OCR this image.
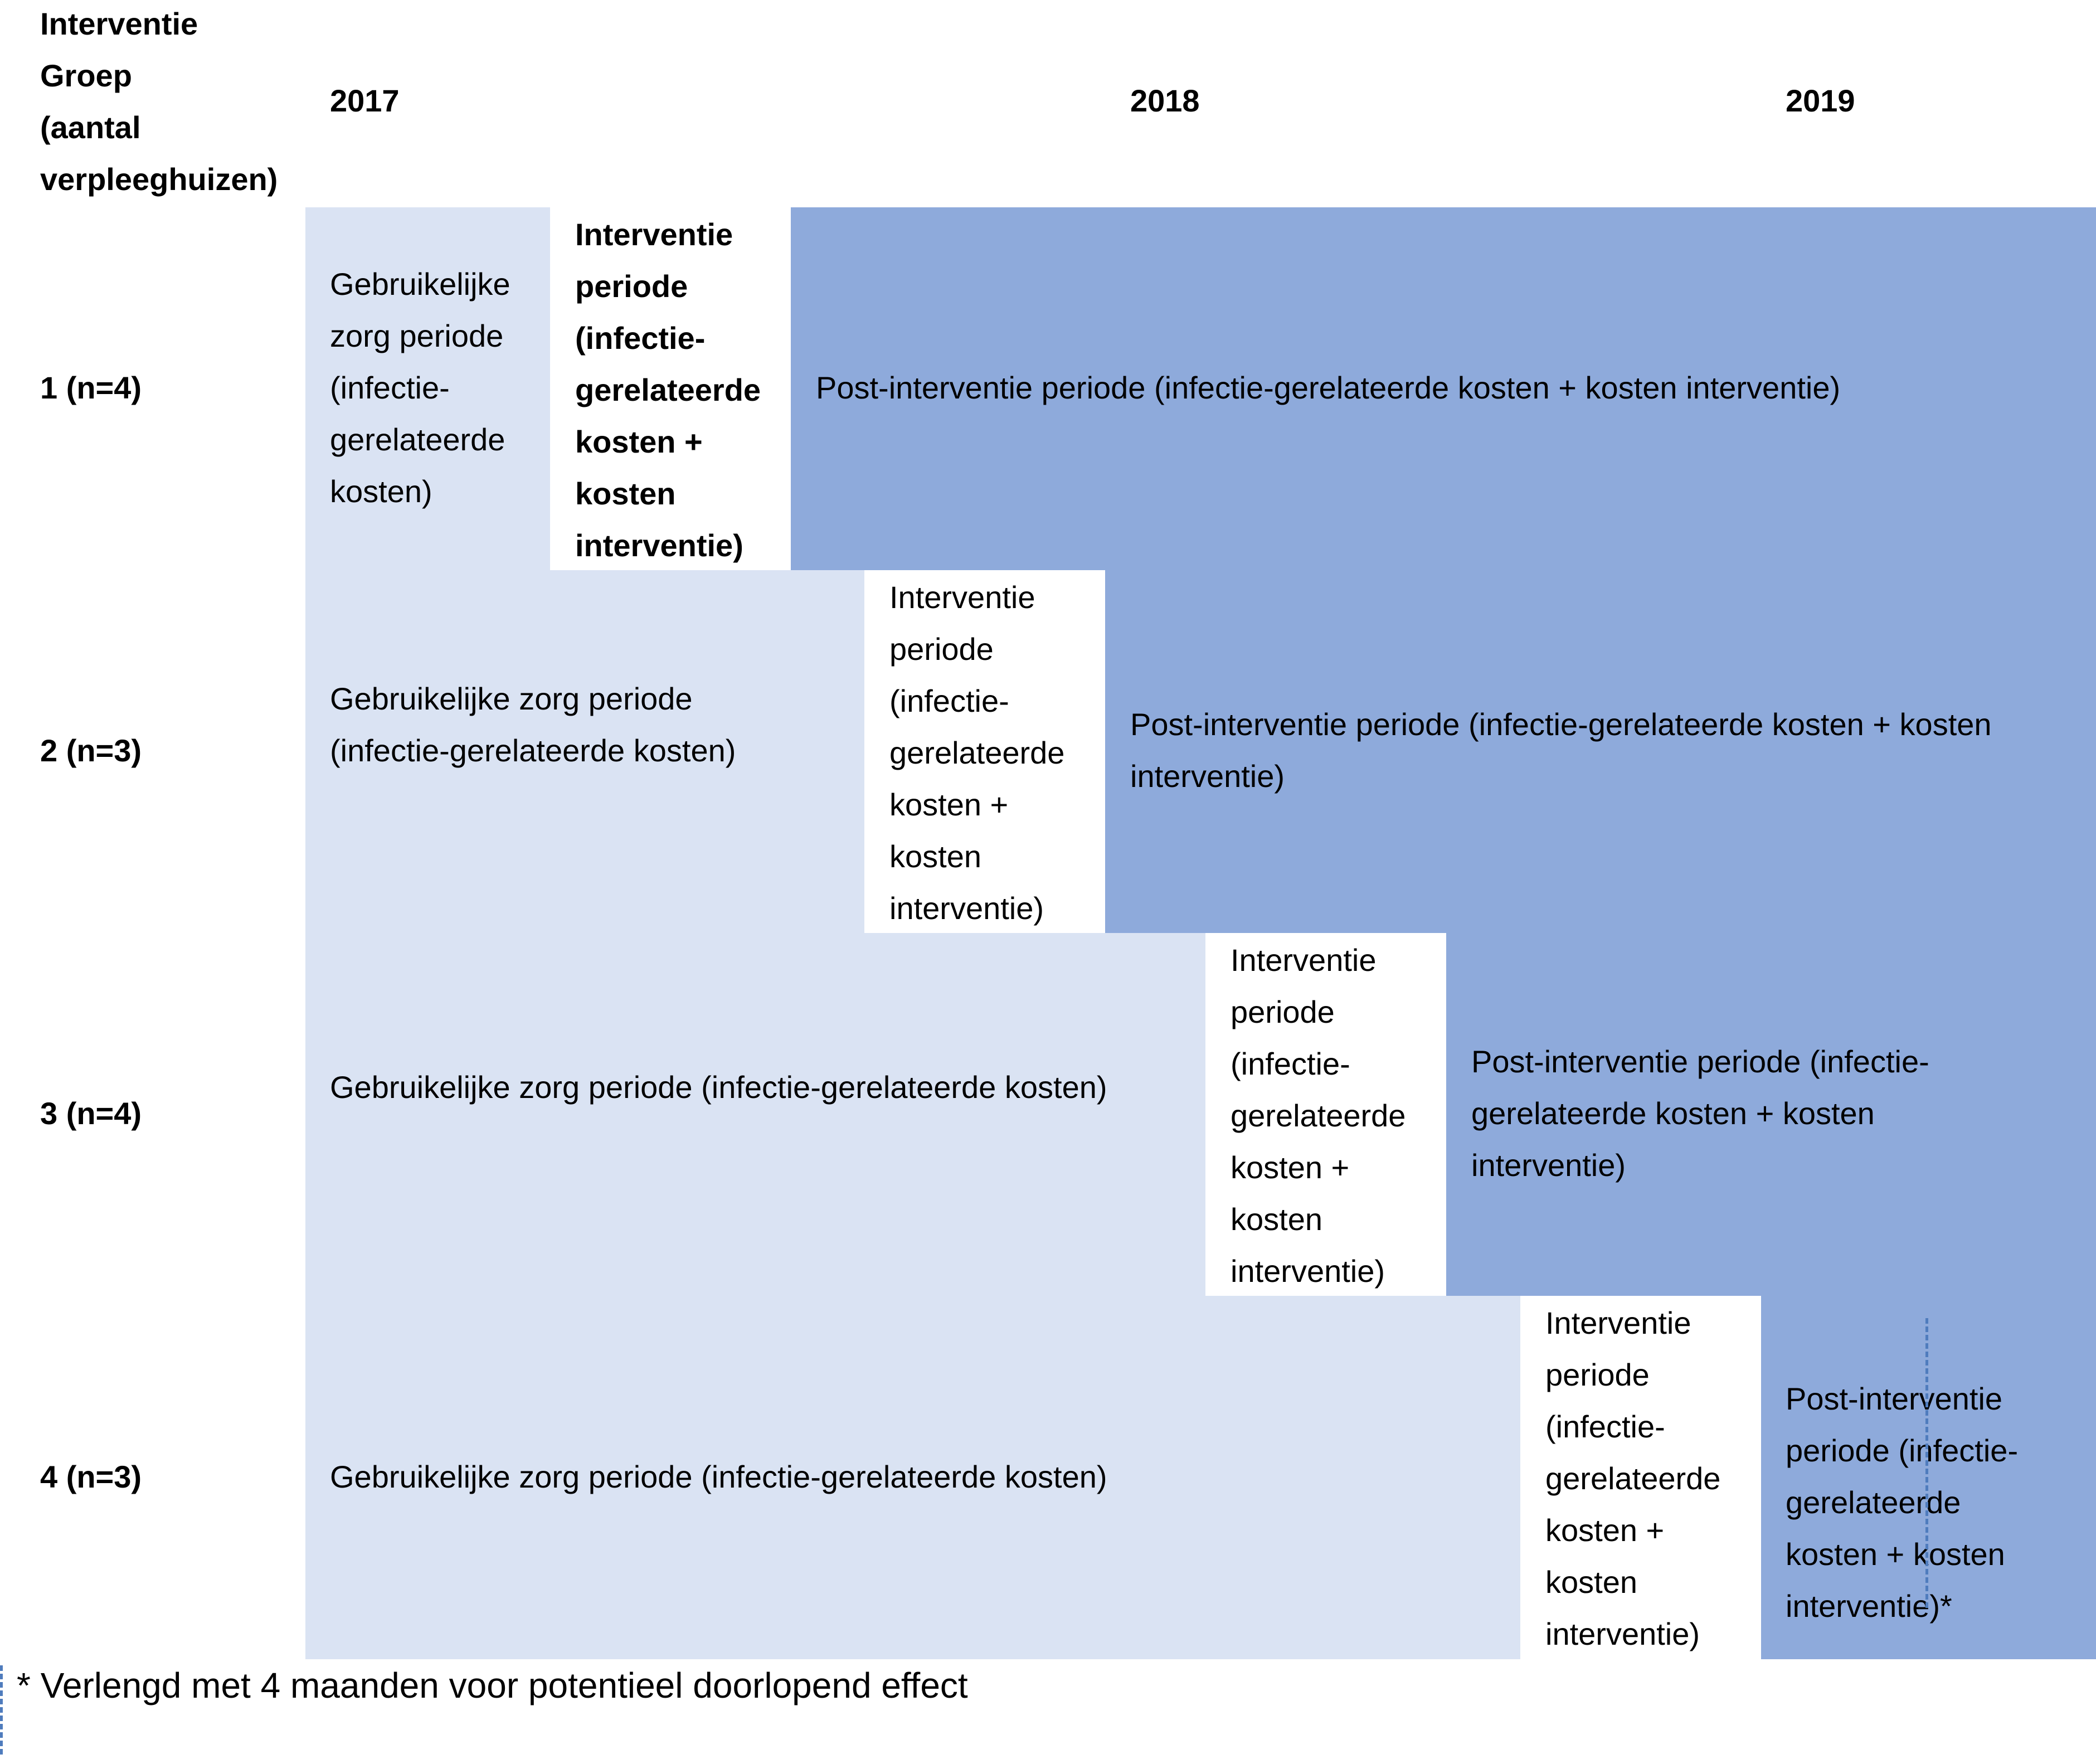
Interventie
Groep
(aantal
verpleeghuizen)
2017	2018	2019
1 (n=4)
2 (n=3)
3 (n=4)
4 (n=3)
Gebruikelijke
zorg periode
(infectie-
gerelateerde
kosten)
Interventie
periode
(infectie-
gerelateerde
kosten +
kosten
interventie)
Post-interventie periode (infectie-gerelateerde kosten + kosten interventie)
Gebruikelijke zorg periode
(infectie-gerelateerde kosten)
Interventie
periode
(infectie-
gerelateerde
kosten +
kosten
interventie)
Post-interventie periode (infectie-gerelateerde kosten + kosten
interventie)
Gebruikelijke zorg periode (infectie-gerelateerde kosten)
Interventie
periode
(infectie-
gerelateerde
kosten +
kosten
interventie)
Post-interventie periode (infectie-
gerelateerde kosten + kosten
interventie)
Gebruikelijke zorg periode (infectie-gerelateerde kosten)
Interventie
periode
(infectie-
gerelateerde
kosten +
kosten
interventie)
Post-interventie
periode (infectie-
gerelateerde
kosten + kosten
interventie)*
* Verlengd met 4 maanden voor potentieel doorlopend effect
